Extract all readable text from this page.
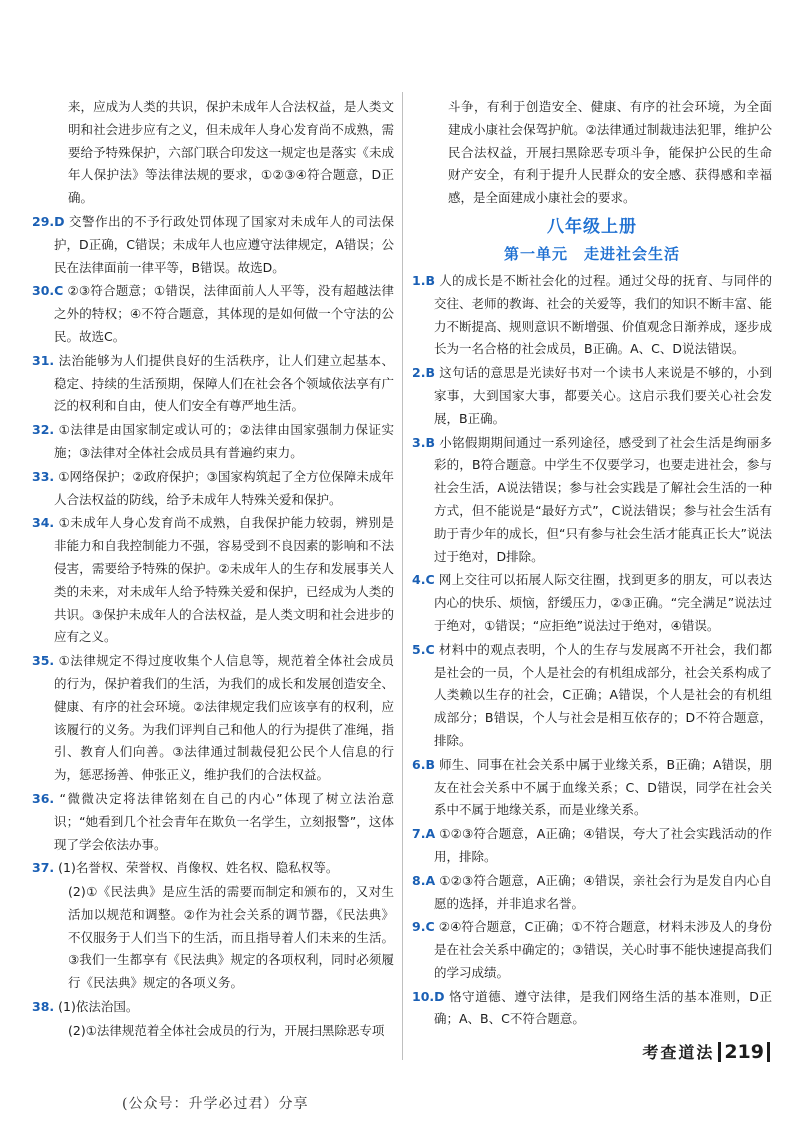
来，应成为人类的共识，保护未成年人合法权益，是人类文明和社会进步应有之义，但未成年人身心发育尚不成熟，需要给予特殊保护，六部门联合印发这一规定也是落实《未成年人保护法》等法律法规的要求，①②③④符合题意，D正确。

29.D 交警作出的不予行政处罚体现了国家对未成年人的司法保护，D正确，C错误；未成年人也应遵守法律规定，A错误；公民在法律面前一律平等，B错误。故选D。

30.C ②③符合题意；①错误，法律面前人人平等，没有超越法律之外的特权；④不符合题意，其体现的是如何做一个守法的公民。故选C。

31. 法治能够为人们提供良好的生活秩序，让人们建立起基本、稳定、持续的生活预期，保障人们在社会各个领域依法享有广泛的权利和自由，使人们安全有尊严地生活。

32. ①法律是由国家制定或认可的；②法律由国家强制力保证实施；③法律对全体社会成员具有普遍约束力。

33. ①网络保护；②政府保护；③国家构筑起了全方位保障未成年人合法权益的防线，给予未成年人特殊关爱和保护。

34. ①未成年人身心发育尚不成熟，自我保护能力较弱，辨别是非能力和自我控制能力不强，容易受到不良因素的影响和不法侵害，需要给予特殊的保护。②未成年人的生存和发展事关人类的未来，对未成年人给予特殊关爱和保护，已经成为人类的共识。③保护未成年人的合法权益，是人类文明和社会进步的应有之义。

35. ①法律规定不得过度收集个人信息等，规范着全体社会成员的行为，保护着我们的生活，为我们的成长和发展创造安全、健康、有序的社会环境。②法律规定我们应该享有的权利，应该履行的义务。为我们评判自己和他人的行为提供了准绳，指引、教育人们向善。③法律通过制裁侵犯公民个人信息的行为，惩恶扬善、伸张正义，维护我们的合法权益。

36. “微微决定将法律铭刻在自己的内心”体现了树立法治意识；“她看到几个社会青年在欺负一名学生，立刻报警”，这体现了学会依法办事。

37. (1)名誉权、荣誉权、肖像权、姓名权、隐私权等。

(2)①《民法典》是应生活的需要而制定和颁布的，又对生活加以规范和调整。②作为社会关系的调节器，《民法典》不仅服务于人们当下的生活，而且指导着人们未来的生活。③我们一生都享有《民法典》规定的各项权利，同时必须履行《民法典》规定的各项义务。

38. (1)依法治国。

(2)①法律规范着全体社会成员的行为，开展扫黑除恶专项

斗争，有利于创造安全、健康、有序的社会环境，为全面建成小康社会保驾护航。②法律通过制裁违法犯罪，维护公民合法权益，开展扫黑除恶专项斗争，能保护公民的生命财产安全，有利于提升人民群众的安全感、获得感和幸福感，是全面建成小康社会的要求。

八年级上册
第一单元　走进社会生活

1.B 人的成长是不断社会化的过程。通过父母的抚育、与同伴的交往、老师的教诲、社会的关爱等，我们的知识不断丰富、能力不断提高、规则意识不断增强、价值观念日渐养成，逐步成长为一名合格的社会成员，B正确。A、C、D说法错误。

2.B 这句话的意思是光读好书对一个读书人来说是不够的，小到家事，大到国家大事，都要关心。这启示我们要关心社会发展，B正确。

3.B 小铭假期期间通过一系列途径，感受到了社会生活是绚丽多彩的，B符合题意。中学生不仅要学习，也要走进社会，参与社会生活，A说法错误；参与社会实践是了解社会生活的一种方式，但不能说是“最好方式”，C说法错误；参与社会生活有助于青少年的成长，但“只有参与社会生活才能真正长大”说法过于绝对，D排除。

4.C 网上交往可以拓展人际交往圈，找到更多的朋友，可以表达内心的快乐、烦恼，舒缓压力，②③正确。“完全满足”说法过于绝对，①错误；“应拒绝”说法过于绝对，④错误。

5.C 材料中的观点表明，个人的生存与发展离不开社会，我们都是社会的一员，个人是社会的有机组成部分，社会关系构成了人类赖以生存的社会，C正确；A错误，个人是社会的有机组成部分；B错误，个人与社会是相互依存的；D不符合题意，排除。

6.B 师生、同事在社会关系中属于业缘关系，B正确；A错误，朋友在社会关系中不属于血缘关系；C、D错误，同学在社会关系中不属于地缘关系，而是业缘关系。

7.A ①②③符合题意，A正确；④错误，夸大了社会实践活动的作用，排除。

8.A ①②③符合题意，A正确；④错误，亲社会行为是发自内心自愿的选择，并非追求名誉。

9.C ②④符合题意，C正确；①不符合题意，材料未涉及人的身份是在社会关系中确定的；③错误，关心时事不能快速提高我们的学习成绩。

10.D 恪守道德、遵守法律，是我们网络生活的基本准则，D正确；A、B、C不符合题意。

考查道法 219
(公众号：升学必过君）分享
